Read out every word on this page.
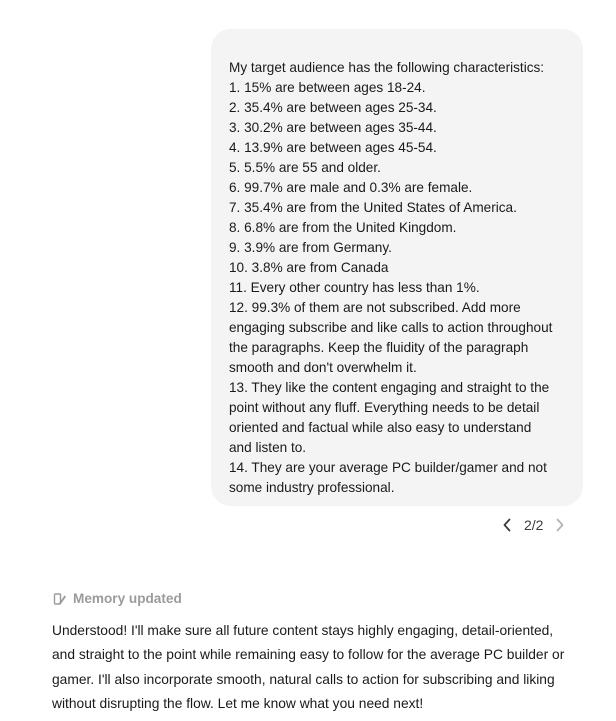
My target audience has the following characteristics:
1. 15% are between ages 18-24.
2. 35.4% are between ages 25-34.
3. 30.2% are between ages 35-44.
4. 13.9% are between ages 45-54.
5. 5.5% are 55 and older.
6. 99.7% are male and 0.3% are female.
7. 35.4% are from the United States of America.
8. 6.8% are from the United Kingdom.
9. 3.9% are from Germany.
10. 3.8% are from Canada
11. Every other country has less than 1%.
12. 99.3% of them are not subscribed. Add more
engaging subscribe and like calls to action throughout
the paragraphs. Keep the fluidity of the paragraph
smooth and don't overwhelm it.
13. They like the content engaging and straight to the
point without any fluff. Everything needs to be detail
oriented and factual while also easy to understand
and listen to.
14. They are your average PC builder/gamer and not
some industry professional.
2/2
Memory updated
Understood! I'll make sure all future content stays highly engaging, detail-oriented,
and straight to the point while remaining easy to follow for the average PC builder or
gamer. I'll also incorporate smooth, natural calls to action for subscribing and liking
without disrupting the flow. Let me know what you need next!
